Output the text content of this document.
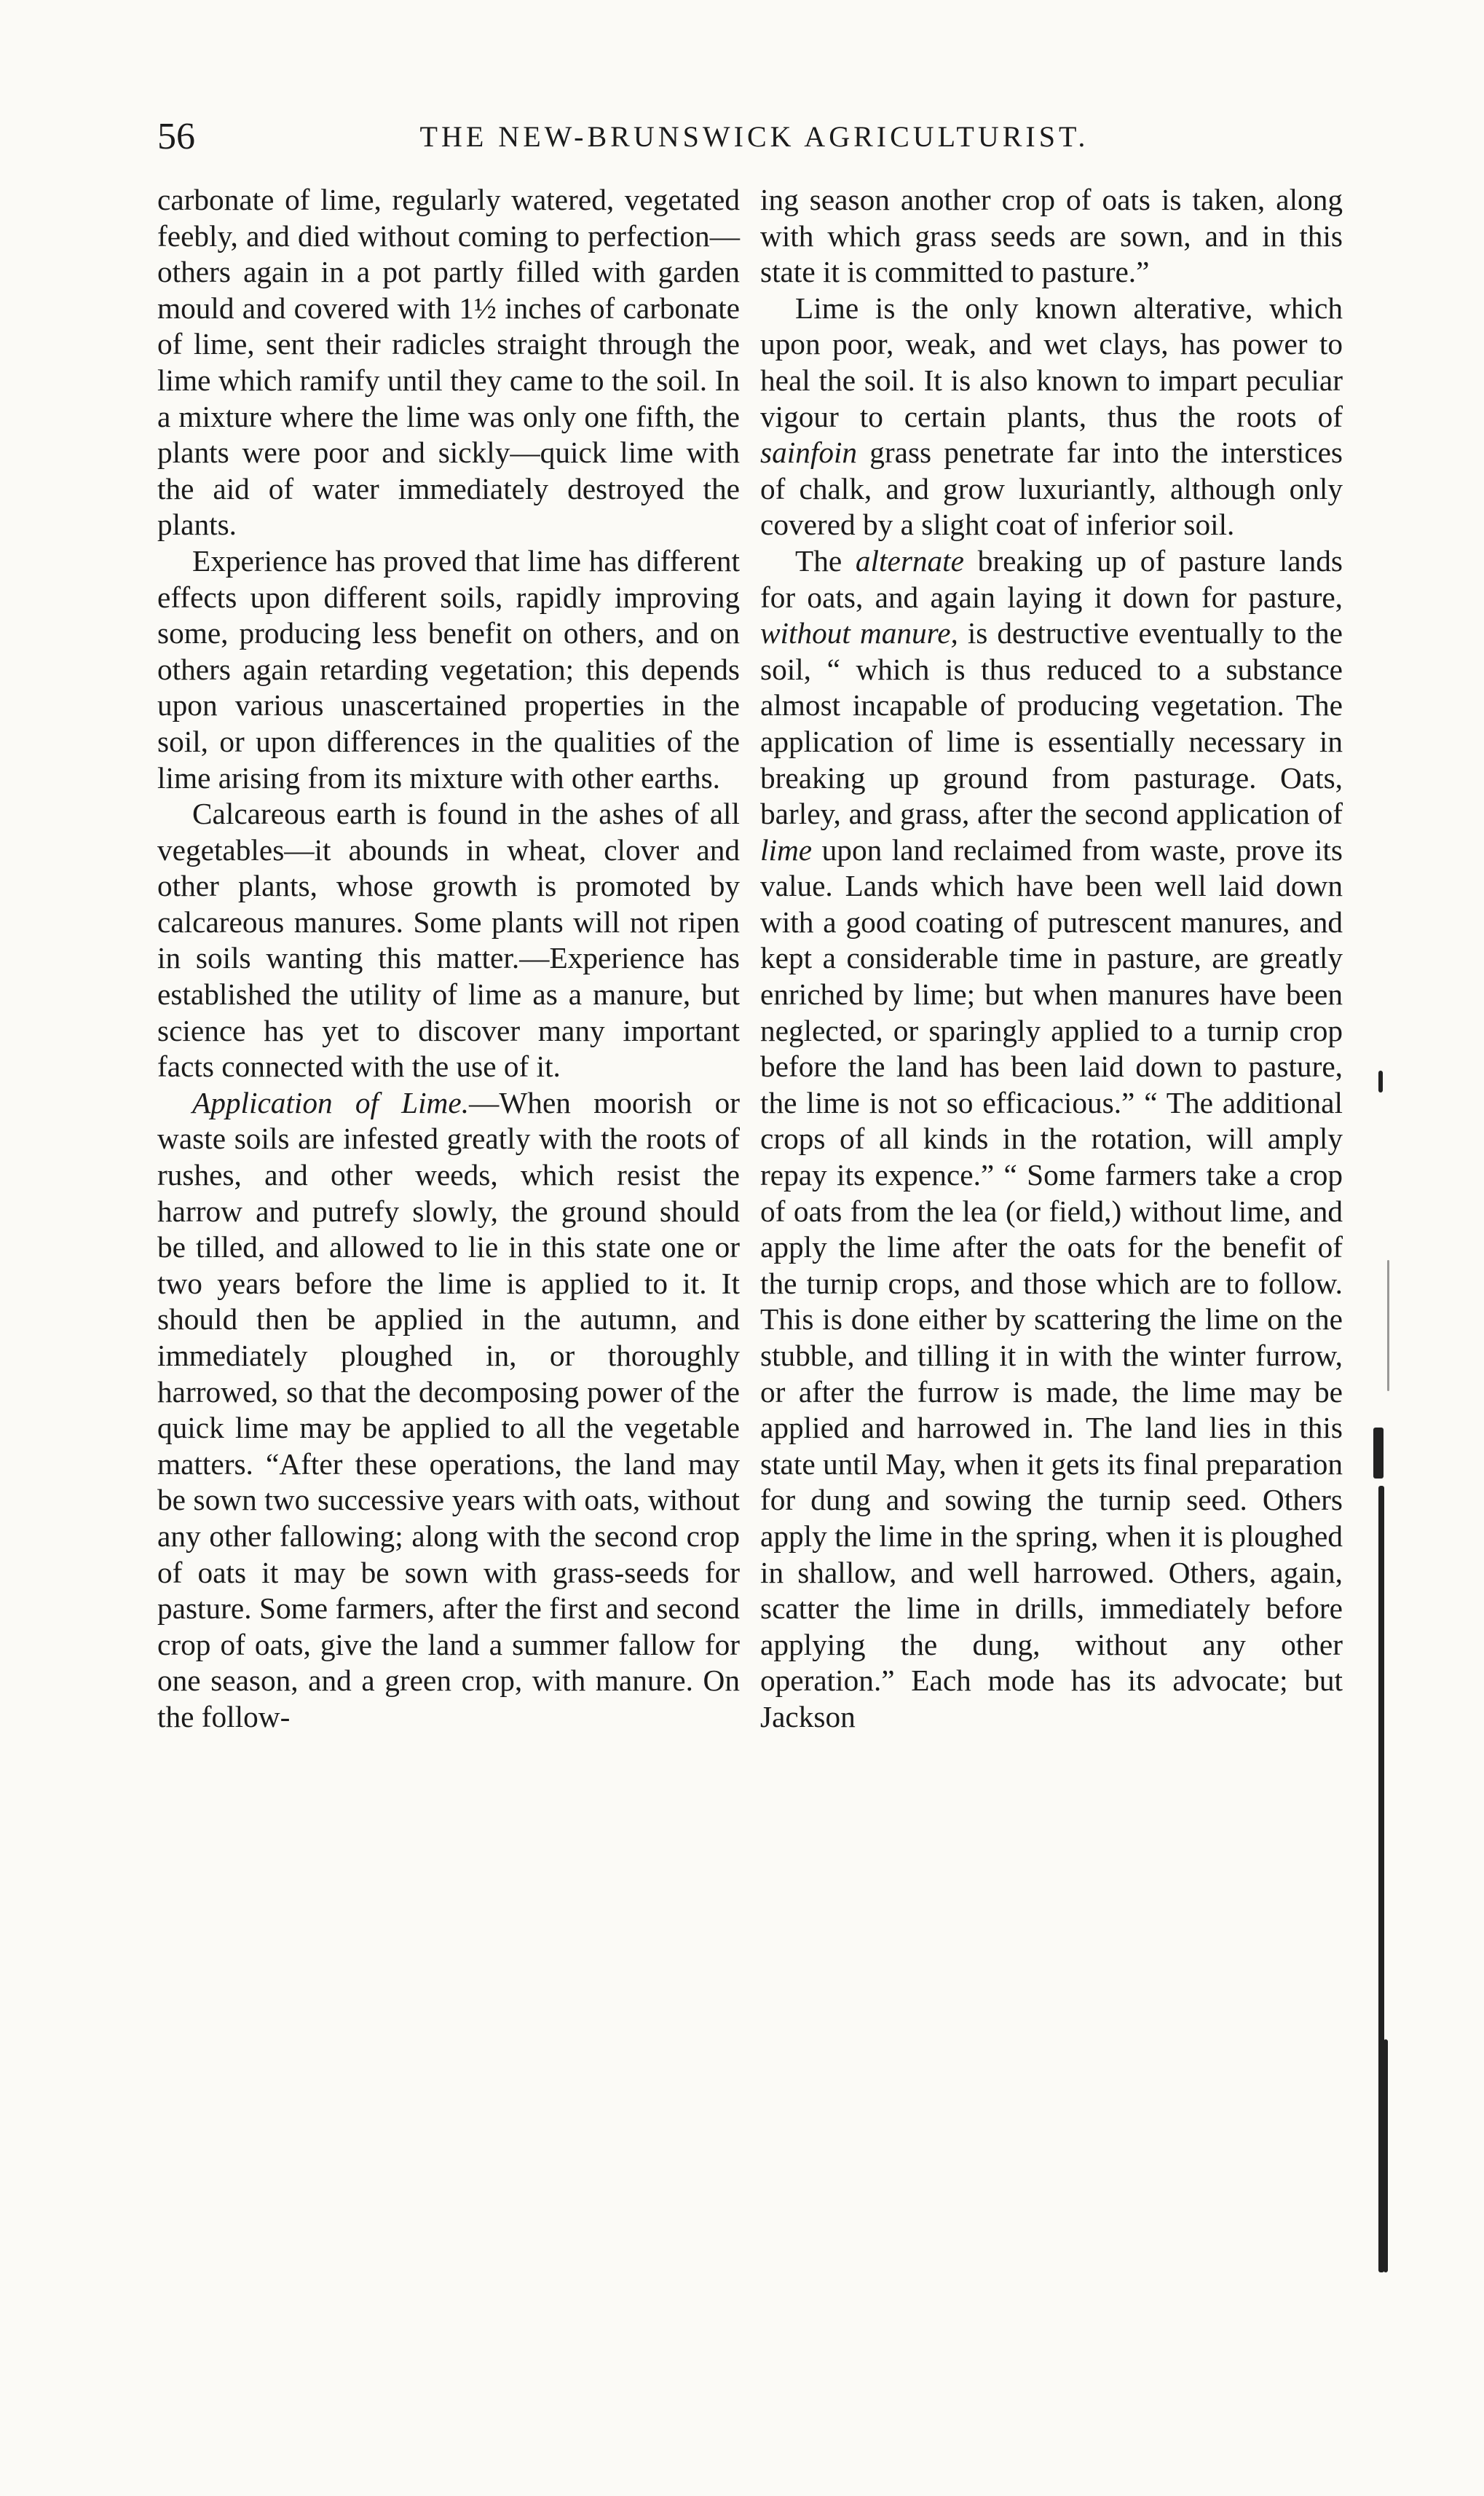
56	THE NEW-BRUNSWICK AGRICULTURIST.

carbonate of lime, regularly watered, vegetated feebly, and died without coming to perfection—others again in a pot partly filled with garden mould and covered with 1½ inches of carbonate of lime, sent their radicles straight through the lime which ramify until they came to the soil. In a mixture where the lime was only one fifth, the plants were poor and sickly—quick lime with the aid of water immediately destroyed the plants.

Experience has proved that lime has different effects upon different soils, rapidly improving some, producing less benefit on others, and on others again retarding vegetation; this depends upon various unascertained properties in the soil, or upon differences in the qualities of the lime arising from its mixture with other earths.

Calcareous earth is found in the ashes of all vegetables—it abounds in wheat, clover and other plants, whose growth is promoted by calcareous manures. Some plants will not ripen in soils wanting this matter.—Experience has established the utility of lime as a manure, but science has yet to discover many important facts connected with the use of it.

Application of Lime.—When moorish or waste soils are infested greatly with the roots of rushes, and other weeds, which resist the harrow and putrefy slowly, the ground should be tilled, and allowed to lie in this state one or two years before the lime is applied to it. It should then be applied in the autumn, and immediately ploughed in, or thoroughly harrowed, so that the decomposing power of the quick lime may be applied to all the vegetable matters. “After these operations, the land may be sown two successive years with oats, without any other fallowing; along with the second crop of oats it may be sown with grass-seeds for pasture. Some farmers, after the first and second crop of oats, give the land a summer fallow for one season, and a green crop, with manure. On the follow-

ing season another crop of oats is taken, along with which grass seeds are sown, and in this state it is committed to pasture.”

Lime is the only known alterative, which upon poor, weak, and wet clays, has power to heal the soil. It is also known to impart peculiar vigour to certain plants, thus the roots of sainfoin grass penetrate far into the interstices of chalk, and grow luxuriantly, although only covered by a slight coat of inferior soil.

The alternate breaking up of pasture lands for oats, and again laying it down for pasture, without manure, is destructive eventually to the soil, “ which is thus reduced to a substance almost incapable of producing vegetation. The application of lime is essentially necessary in breaking up ground from pasturage. Oats, barley, and grass, after the second application of lime upon land reclaimed from waste, prove its value. Lands which have been well laid down with a good coating of putrescent manures, and kept a considerable time in pasture, are greatly enriched by lime; but when manures have been neglected, or sparingly applied to a turnip crop before the land has been laid down to pasture, the lime is not so efficacious.” “ The additional crops of all kinds in the rotation, will amply repay its expence.” “ Some farmers take a crop of oats from the lea (or field,) without lime, and apply the lime after the oats for the benefit of the turnip crops, and those which are to follow. This is done either by scattering the lime on the stubble, and tilling it in with the winter furrow, or after the furrow is made, the lime may be applied and harrowed in. The land lies in this state until May, when it gets its final preparation for dung and sowing the turnip seed. Others apply the lime in the spring, when it is ploughed in shallow, and well harrowed. Others, again, scatter the lime in drills, immediately before applying the dung, without any other operation.” Each mode has its advocate; but Jackson
